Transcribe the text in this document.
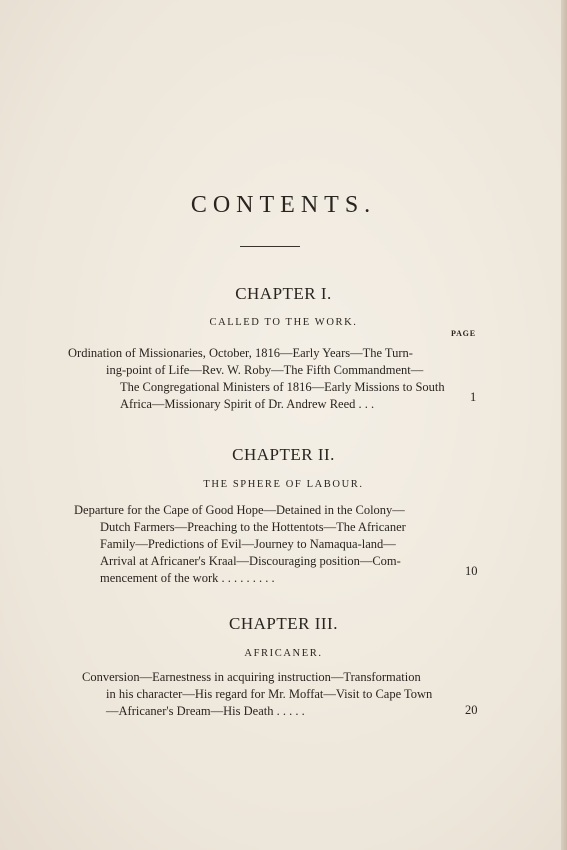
CONTENTS.
CHAPTER I.
CALLED TO THE WORK.
PAGE
Ordination of Missionaries, October, 1816—Early Years—The Turn-
ing-point of Life—Rev. W. Roby—The Fifth Commandment—
The Congregational Ministers of 1816—Early Missions to South
Africa—Missionary Spirit of Dr. Andrew Reed . . .	1
CHAPTER II.
THE SPHERE OF LABOUR.
Departure for the Cape of Good Hope—Detained in the Colony—
Dutch Farmers—Preaching to the Hottentots—The Africaner
Family—Predictions of Evil—Journey to Namaqua-land—
Arrival at Africaner's Kraal—Discouraging position—Com-
mencement of the work . . . . . . . . .	10
CHAPTER III.
AFRICANER.
Conversion—Earnestness in acquiring instruction—Transformation
in his character—His regard for Mr. Moffat—Visit to Cape Town
—Africaner's Dream—His Death . . . . .	20
